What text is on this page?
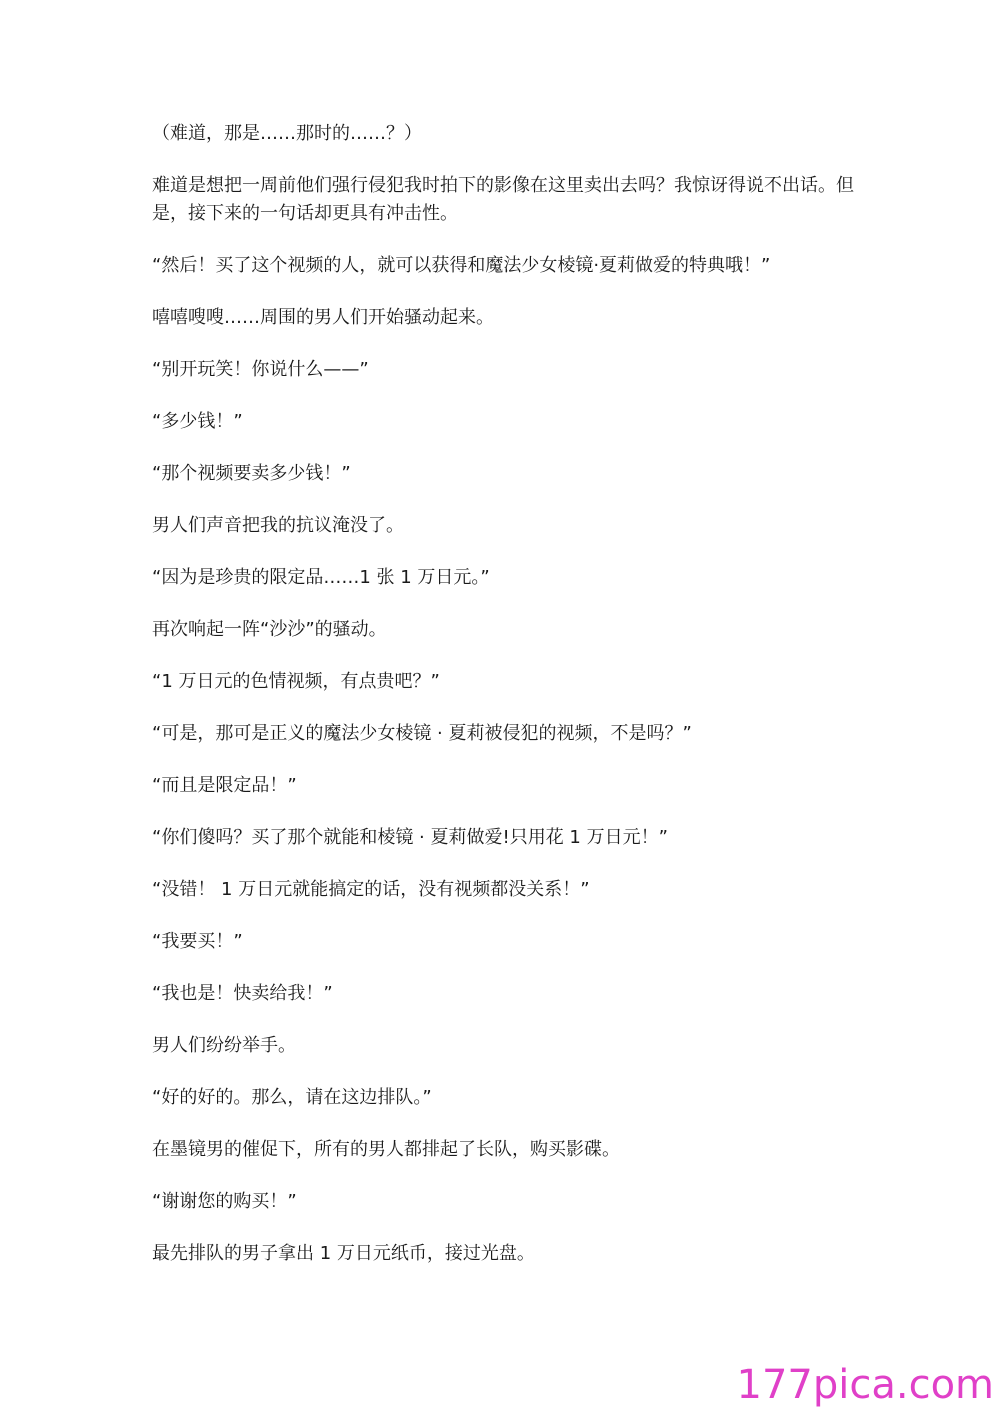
（难道，那是……那时的……？）

难道是想把一周前他们强行侵犯我时拍下的影像在这里卖出去吗？我惊讶得说不出话。但是，接下来的一句话却更具有冲击性。

“然后！买了这个视频的人，就可以获得和魔法少女棱镜·夏莉做爱的特典哦！”

嘻嘻嗖嗖……周围的男人们开始骚动起来。

“别开玩笑！你说什么——”

“多少钱！”

“那个视频要卖多少钱！”

男人们声音把我的抗议淹没了。

“因为是珍贵的限定品……1 张 1 万日元。”

再次响起一阵“沙沙”的骚动。

“1 万日元的色情视频，有点贵吧？”

“可是，那可是正义的魔法少女棱镜 · 夏莉被侵犯的视频，不是吗？”

“而且是限定品！”

“你们傻吗？买了那个就能和棱镜 · 夏莉做爱!只用花 1 万日元！”

“没错！ 1 万日元就能搞定的话，没有视频都没关系！”

“我要买！”

“我也是！快卖给我！”

男人们纷纷举手。

“好的好的。那么，请在这边排队。”

在墨镜男的催促下，所有的男人都排起了长队，购买影碟。

“谢谢您的购买！”

最先排队的男子拿出 1 万日元纸币，接过光盘。

177pica.com
